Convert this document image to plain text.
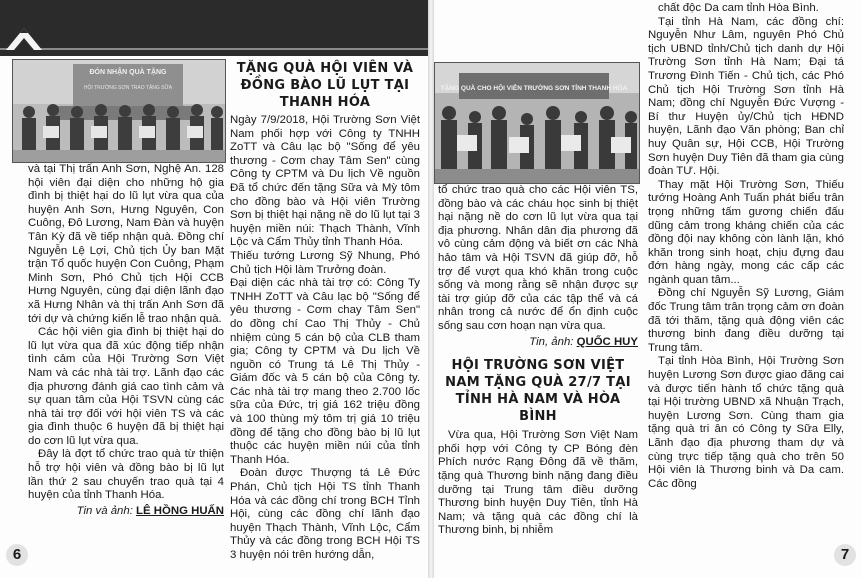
ĐÓN NHẬN QUÀ TẶNG
HỘI TRƯỜNG SƠN TRAO TẶNG SỮA

và tại Thị trấn Anh Sơn, Nghệ An. 128 hội viên đại diện cho những hộ gia đình bị thiệt hại do lũ lụt vừa qua của huyện Anh Sơn, Hưng Nguyên, Con Cuông, Đô Lương, Nam Đàn và huyện Tân Kỳ đã về tiếp nhận quà. Đồng chí Nguyễn Lệ Lợi, Chủ tịch Ủy ban Mặt trận Tổ quốc huyện Con Cuông, Phạm Minh Sơn, Phó Chủ tịch Hội CCB Hưng Nguyên, cùng đại diện lãnh đạo xã Hưng Nhân và thị trấn Anh Sơn đã tới dự và chứng kiến lễ trao nhận quà.

Các hội viên gia đình bị thiệt hại do lũ lụt vừa qua đã xúc động tiếp nhận tình cảm của Hội Trường Sơn Việt Nam và các nhà tài trợ. Lãnh đạo các địa phương đánh giá cao tình cảm và sự quan tâm của Hội TSVN cùng các nhà tài trợ đối với hội viên TS và các gia đình thuộc 6 huyện đã bị thiệt hại do cơn lũ lụt vừa qua.

Đây là đợt tổ chức trao quà từ thiện hỗ trợ hội viên và đồng bào bị lũ lụt lần thứ 2 sau chuyến trao quà tại 4 huyện của tỉnh Thanh Hóa.

Tin và ảnh: LÊ HỒNG HUẤN
TẶNG QUÀ HỘI VIÊN VÀ ĐỒNG BÀO LŨ LỤT TẠI THANH HÓA

Ngày 7/9/2018, Hội Trường Sơn Việt Nam phối hợp với Công ty TNHH ZoTT và Câu lạc bộ "Sống để yêu thương - Cơm chay Tâm Sen" cùng Công ty CPTM và Du lịch Về nguồn Đã tổ chức đến tặng Sữa và Mỳ tôm cho đồng bào và Hội viên Trường Sơn bị thiệt hại nặng nề do lũ lụt tại 3 huyện miền núi: Thạch Thành, Vĩnh Lộc và Cẩm Thủy tỉnh Thanh Hóa.

Thiếu tướng Lương Sỹ Nhung, Phó Chủ tịch Hội làm Trưởng đoàn.

Đại diện các nhà tài trợ có: Công Ty TNHH ZoTT và Câu lạc bộ "Sống để yêu thương - Cơm chay Tâm Sen" do đồng chí Cao Thị Thủy - Chủ nhiệm cùng 5 cán bộ của CLB tham gia; Công ty CPTM và Du lịch Về nguồn có Trung tá Lê Thị Thủy - Giám đốc và 5 cán bộ của Công ty. Các nhà tài trợ mang theo 2.700 lốc sữa của Đức, trị giá 162 triệu đồng và 100 thùng mỳ tôm trị giá 10 triệu đồng để tặng cho đồng bào bị lũ lụt thuộc các huyện miền núi của tỉnh Thanh Hóa.

Đoàn được Thượng tá Lê Đức Phán, Chủ tịch Hội TS tỉnh Thanh Hóa và các đồng chí trong BCH Tỉnh Hội, cùng các đồng chí lãnh đạo huyện Thạch Thành, Vĩnh Lộc, Cẩm Thủy và các đồng trong BCH Hội TS 3 huyện nói trên hướng dẫn,

6
TẶNG QUÀ CHO HỘI VIÊN TRƯỜNG SƠN TỈNH THANH HÓA

tổ chức trao quà cho các Hội viên TS, đồng bào và các cháu học sinh bị thiệt hại nặng nề do cơn lũ lụt vừa qua tại địa phương. Nhân dân địa phương đã vô cùng cảm động và biết ơn các Nhà hảo tâm và Hội TSVN đã giúp đỡ, hỗ trợ để vượt qua khó khăn trong cuộc sống và mong rằng sẽ nhận được sự tài trợ giúp đỡ của các tập thể và cá nhân trong cả nước để ổn định cuộc sống sau cơn hoạn nạn vừa qua.

Tin, ảnh: QUỐC HUY
HỘI TRƯỜNG SƠN VIỆT NAM TẶNG QUÀ 27/7 TẠI TỈNH HÀ NAM VÀ HÒA BÌNH

Vừa qua, Hội Trường Sơn Việt Nam phối hợp với Công ty CP Bóng đèn Phích nước Rạng Đông đã về thăm, tặng quà Thương binh nặng đang điều dưỡng tại Trung tâm điều dưỡng Thương binh huyện Duy Tiên, tỉnh Hà Nam; và tặng quà các đồng chí là Thương binh, bị nhiễm

chất độc Da cam tỉnh Hòa Bình.

Tại tỉnh Hà Nam, các đồng chí: Nguyễn Như Lâm, nguyên Phó Chủ tịch UBND tỉnh/Chủ tịch danh dự Hội Trường Sơn tỉnh Hà Nam; Đại tá Trương Đình Tiến - Chủ tịch, các Phó Chủ tịch Hội Trường Sơn tỉnh Hà Nam; đồng chí Nguyễn Đức Vượng - Bí thư Huyện ủy/Chủ tịch HĐND huyện, Lãnh đạo Văn phòng; Ban chỉ huy Quân sự, Hội CCB, Hội Trường Sơn huyện Duy Tiên đã tham gia cùng đoàn TƯ. Hội.

Thay mặt Hội Trường Sơn, Thiếu tướng Hoàng Anh Tuấn phát biểu trân trọng những tấm gương chiến đấu dũng cảm trong kháng chiến của các đồng đội nay không còn lành lặn, khó khăn trong sinh hoạt, chịu đựng đau đớn hàng ngày, mong các cấp các ngành quan tâm...

Đồng chí Nguyễn Sỹ Lương, Giám đốc Trung tâm trân trọng cảm ơn đoàn đã tới thăm, tặng quà động viên các thương binh đang điều dưỡng tại Trung tâm.

Tại tỉnh Hòa Bình, Hội Trường Sơn huyện Lương Sơn được giao đăng cai và được tiến hành tổ chức tặng quà tại Hội trường UBND xã Nhuận Trạch, huyện Lương Sơn. Cùng tham gia tặng quà tri ân có Công ty Sữa Elly, Lãnh đạo địa phương tham dự và cùng trực tiếp tặng quà cho trên 50 Hội viên là Thương binh và Da cam. Các đồng

7
